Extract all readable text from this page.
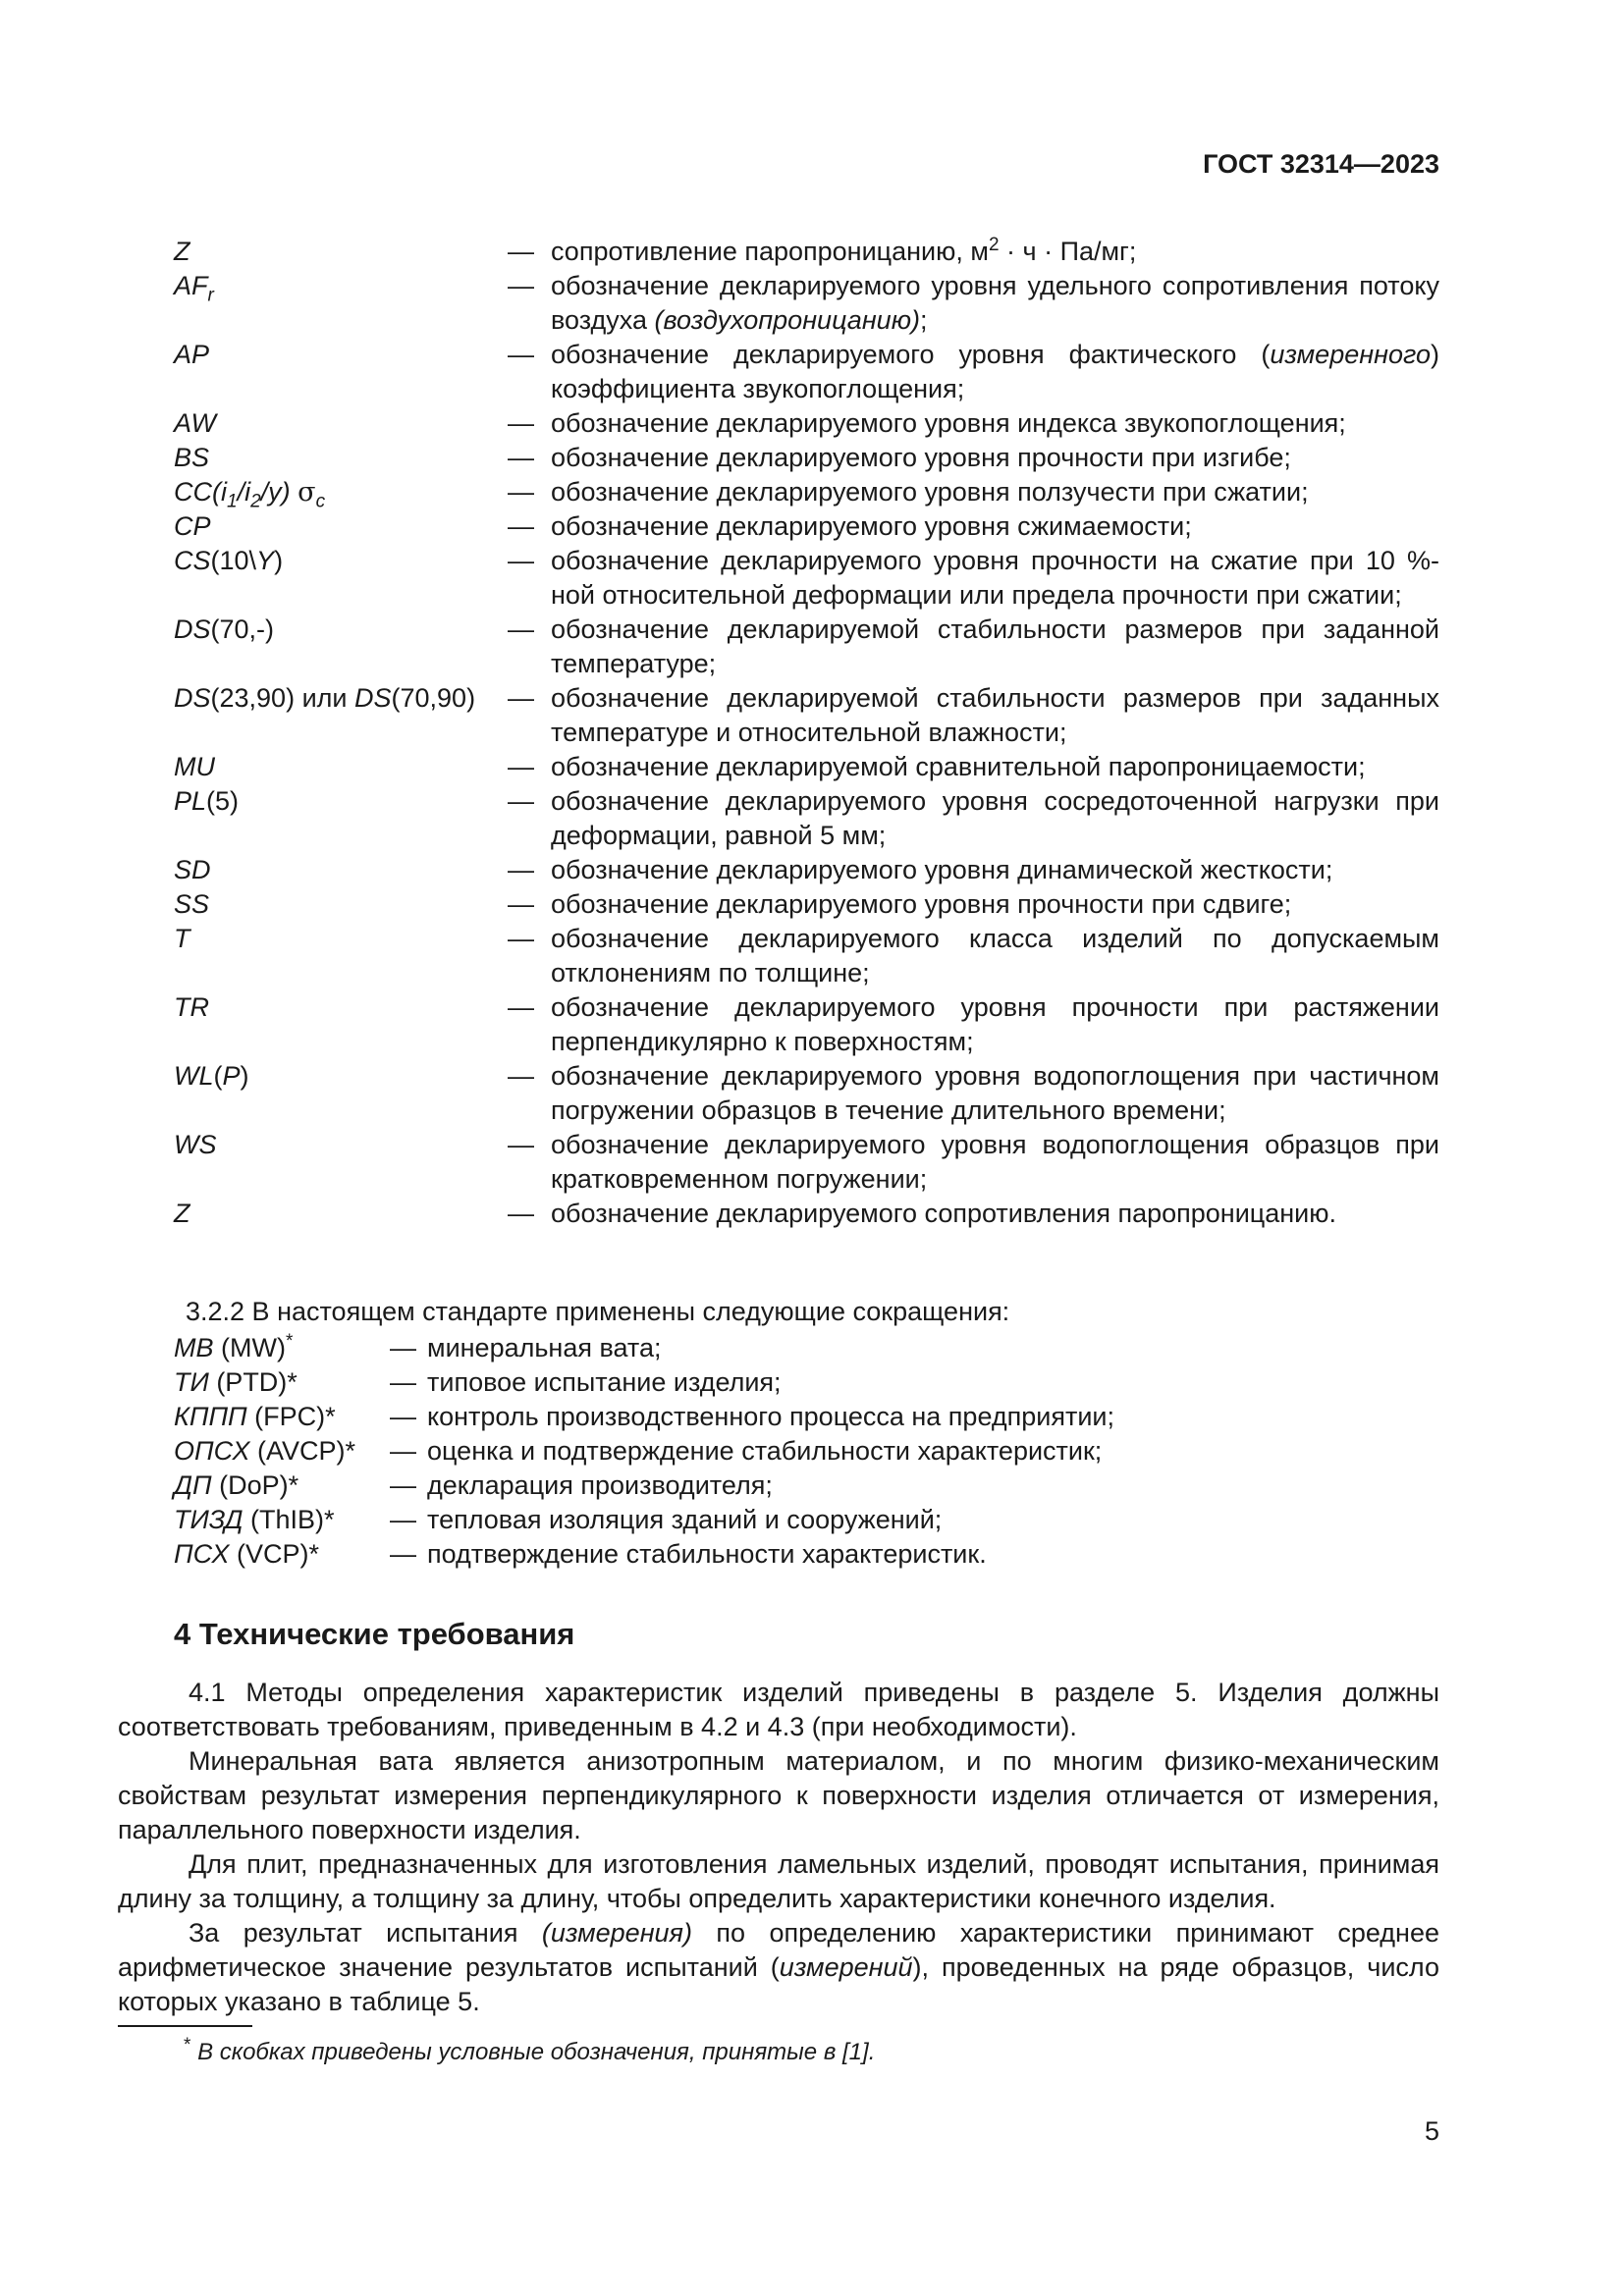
ГОСТ 32314—2023
Z	— сопротивление паропроницанию, $м^2 \cdot ч \cdot Па/мг$;
$AF_r$	— обозначение декларируемого уровня удельного сопротивления потоку воздуха (воздухопроницанию);
AP	— обозначение декларируемого уровня фактического (измеренного) коэффициента звукопоглощения;
AW	— обозначение декларируемого уровня индекса звукопоглощения;
BS	— обозначение декларируемого уровня прочности при изгибе;
$CC(i_1/i_2/y)$ $\sigma_c$	— обозначение декларируемого уровня ползучести при сжатии;
CP	— обозначение декларируемого уровня сжимаемости;
CS(10\Y)	— обозначение декларируемого уровня прочности на сжатие при 10 %-ной относительной деформации или предела прочности при сжатии;
DS(70,-)	— обозначение декларируемой стабильности размеров при заданной температуре;
DS(23,90) или DS(70,90)	— обозначение декларируемой стабильности размеров при заданных температуре и относительной влажности;
MU	— обозначение декларируемой сравнительной паропроницаемости;
PL(5)	— обозначение декларируемого уровня сосредоточенной нагрузки при деформации, равной 5 мм;
SD	— обозначение декларируемого уровня динамической жесткости;
SS	— обозначение декларируемого уровня прочности при сдвиге;
T	— обозначение декларируемого класса изделий по допускаемым отклонениям по толщине;
TR	— обозначение декларируемого уровня прочности при растяжении перпендикулярно к поверхностям;
WL(P)	— обозначение декларируемого уровня водопоглощения при частичном погружении образцов в течение длительного времени;
WS	— обозначение декларируемого уровня водопоглощения образцов при кратковременном погружении;
Z	— обозначение декларируемого сопротивления паропроницанию.
3.2.2 В настоящем стандарте применены следующие сокращения:
МВ (MW)*	— минеральная вата;
ТИ (PTD)*	— типовое испытание изделия;
КППП (FPC)*	— контроль производственного процесса на предприятии;
ОПСХ (AVCP)*	— оценка и подтверждение стабильности характеристик;
ДП (DoP)*	— декларация производителя;
ТИЗД (ThIB)*	— тепловая изоляция зданий и сооружений;
ПСХ (VCP)*	— подтверждение стабильности характеристик.
4 Технические требования
4.1 Методы определения характеристик изделий приведены в разделе 5. Изделия должны соответствовать требованиям, приведенным в 4.2 и 4.3 (при необходимости).
Минеральная вата является анизотропным материалом, и по многим физико-механическим свойствам результат измерения перпендикулярного к поверхности изделия отличается от измерения, параллельного поверхности изделия.
Для плит, предназначенных для изготовления ламельных изделий, проводят испытания, принимая длину за толщину, а толщину за длину, чтобы определить характеристики конечного изделия.
За результат испытания (измерения) по определению характеристики принимают среднее арифметическое значение результатов испытаний (измерений), проведенных на ряде образцов, число которых указано в таблице 5.
* В скобках приведены условные обозначения, принятые в [1].
5
